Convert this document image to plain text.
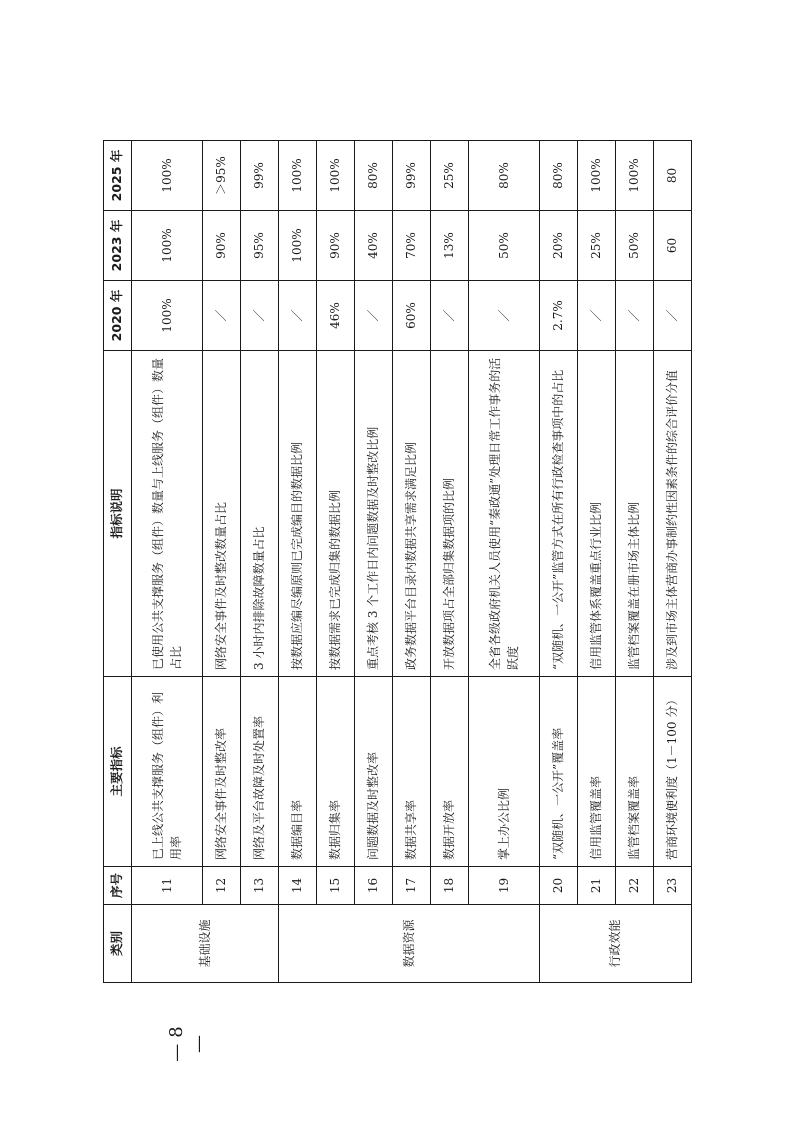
类别	序号	主要指标	指标说明	2020 年	2023 年	2025 年
基础设施	11	已上线公共支撑服务（组件）利用率	已使用公共支撑服务（组件）数量与上线服务（组件）数量占比	100%	100%	100%
	12	网络安全事件及时整改率	网络安全事件及时整改数量占比	／	90%	＞95%
	13	网络及平台故障及时处置率	3 小时内排除故障数量占比	／	95%	99%
数据资源	14	数据编目率	按数据应编尽编原则已完成编目的数据比例	／	100%	100%
	15	数据归集率	按数据需求已完成归集的数据比例	46%	90%	100%
	16	问题数据及时整改率	重点考核 3 个工作日内问题数据及时整改比例	／	40%	80%
	17	数据共享率	政务数据平台目录内数据共享需求满足比例	60%	70%	99%
	18	数据开放率	开放数据项占全部归集数据项的比例	／	13%	25%
	19	掌上办公比例	全省各级政府机关人员使用“秦政通”处理日常工作事务的活跃度	／	50%	80%
行政效能	20	“双随机、一公开”覆盖率	“双随机、一公开”监管方式在所有行政检查事项中的占比	2.7%	20%	80%
	21	信用监管覆盖率	信用监管体系覆盖重点行业比例	／	25%	100%
	22	监管档案覆盖率	监管档案覆盖在册市场主体比例	／	50%	100%
	23	营商环境便利度（1－100 分）	涉及到市场主体营商办事制约性因素条件的综合评价分值	／	60	80
—8—
